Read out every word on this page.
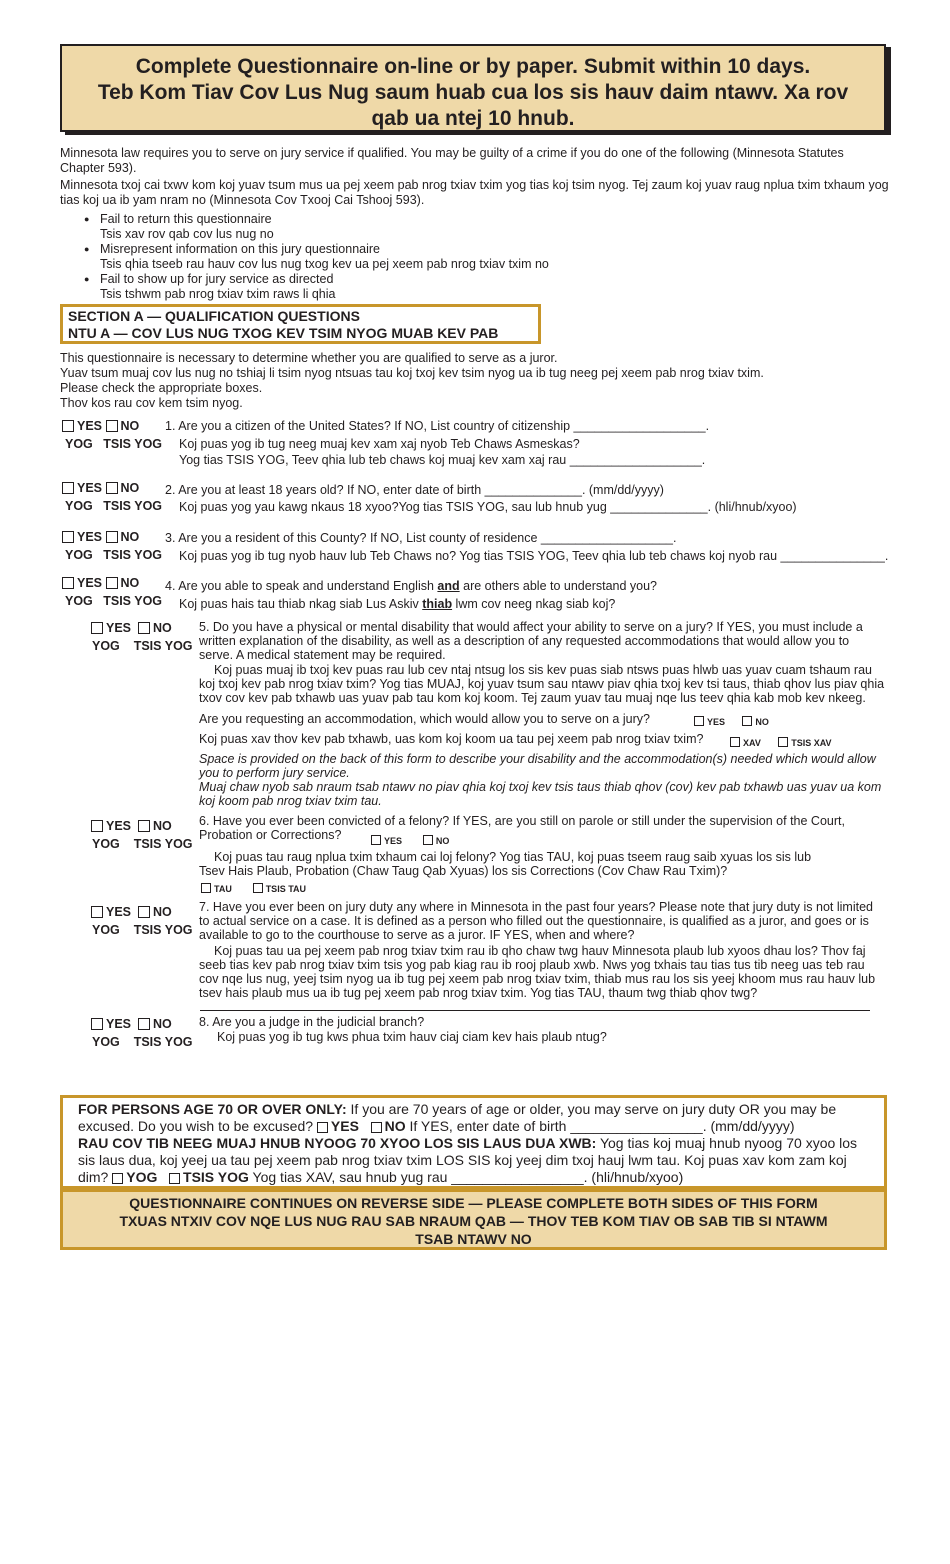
Complete Questionnaire on-line or by paper. Submit within 10 days.
Teb Kom Tiav Cov Lus Nug saum huab cua los sis hauv daim ntawv. Xa rov
qab ua ntej 10 hnub.

Minnesota law requires you to serve on jury service if qualified. You may be guilty of a crime if you do one of the following (Minnesota Statutes Chapter 593).

Minnesota txoj cai txwv kom koj yuav tsum mus ua pej xeem pab nrog txiav txim yog tias koj tsim nyog. Tej zaum koj yuav raug nplua txim txhaum yog tias koj ua ib yam nram no (Minnesota Cov Txooj Cai Tshooj 593).

● Fail to return this questionnaire
Tsis xav rov qab cov lus nug no
● Misrepresent information on this jury questionnaire
Tsis qhia tseeb rau hauv cov lus nug txog kev ua pej xeem pab nrog txiav txim no
● Fail to show up for jury service as directed
Tsis tshwm pab nrog txiav txim raws li qhia
SECTION A — QUALIFICATION QUESTIONS
NTU A — COV LUS NUG TXOG KEV TSIM NYOG MUAB KEV PAB
This questionnaire is necessary to determine whether you are qualified to serve as a juror.
Yuav tsum muaj cov lus nug no tshiaj li tsim nyog ntsuas tau koj txoj kev tsim nyog ua ib tug neeg pej xeem pab nrog txiav txim.
Please check the appropriate boxes.
Thov kos rau cov kem tsim nyog.
YES NO
YOG TSIS YOG
1. Are you a citizen of the United States? If NO, List country of citizenship ___________________.
Koj puas yog ib tug neeg muaj kev xam xaj nyob Teb Chaws Asmeskas?
Yog tias TSIS YOG, Teev qhia lub teb chaws koj muaj kev xam xaj rau ___________________.
YES NO
YOG TSIS YOG
2. Are you at least 18 years old? If NO, enter date of birth ______________. (mm/dd/yyyy)
Koj puas yog yau kawg nkaus 18 xyoo?Yog tias TSIS YOG, sau lub hnub yug ______________. (hli/hnub/xyoo)
YES NO
YOG TSIS YOG
3. Are you a resident of this County? If NO, List county of residence ___________________.
Koj puas yog ib tug nyob hauv lub Teb Chaws no? Yog tias TSIS YOG, Teev qhia lub teb chaws koj nyob rau _______________.
YES NO
YOG TSIS YOG
4. Are you able to speak and understand English and are others able to understand you?
Koj puas hais tau thiab nkag siab Lus Askiv thiab lwm cov neeg nkag siab koj?
YES NO
YOG TSIS YOG
5. Do you have a physical or mental disability that would affect your ability to serve on a jury? If YES, you must include a written explanation of the disability, as well as a description of any requested accommodations that would allow you to serve. A medical statement may be required.
Koj puas muaj ib txoj kev puas rau lub cev ntaj ntsug los sis kev puas siab ntsws puas hlwb uas yuav cuam tshaum rau koj txoj kev pab nrog txiav txim? Yog tias MUAJ, koj yuav tsum sau ntawv piav qhia txoj kev tsi taus, thiab qhov lus piav qhia txov cov kev pab txhawb uas yuav pab tau kom koj koom. Tej zaum yuav tau muaj nqe lus teev qhia kab mob kev nkeeg.
Are you requesting an accommodation, which would allow you to serve on a jury?	YES	NO
Koj puas xav thov kev pab txhawb, uas kom koj koom ua tau pej xeem pab nrog txiav txim?	XAV	TSIS XAV
Space is provided on the back of this form to describe your disability and the accommodation(s) needed which would allow you to perform jury service.
Muaj chaw nyob sab nraum tsab ntawv no piav qhia koj txoj kev tsis taus thiab qhov (cov) kev pab txhawb uas yuav ua kom koj koom pab nrog txiav txim tau.
YES NO
YOG TSIS YOG
6. Have you ever been convicted of a felony? If YES, are you still on parole or still under the supervision of the Court, Probation or Corrections?	YES	NO
Koj puas tau raug nplua txim txhaum cai loj felony? Yog tias TAU, koj puas tseem raug saib xyuas los sis lub Tsev Hais Plaub, Probation (Chaw Taug Qab Xyuas) los sis Corrections (Cov Chaw Rau Txim)?
TAU	TSIS TAU
YES NO
YOG TSIS YOG
7. Have you ever been on jury duty any where in Minnesota in the past four years? Please note that jury duty is not limited to actual service on a case. It is defined as a person who filled out the questionnaire, is qualified as a juror, and goes or is available to go to the courthouse to serve as a juror. IF YES, when and where?
Koj puas tau ua pej xeem pab nrog txiav txim rau ib qho chaw twg hauv Minnesota plaub lub xyoos dhau los? Thov faj seeb tias kev pab nrog txiav txim tsis yog pab kiag rau ib rooj plaub xwb. Nws yog txhais tau tias tus tib neeg uas teb rau cov nqe lus nug, yeej tsim nyog ua ib tug pej xeem pab nrog txiav txim, thiab mus rau los sis yeej khoom mus rau hauv lub tsev hais plaub mus ua ib tug pej xeem pab nrog txiav txim. Yog tias TAU, thaum twg thiab qhov twg?
YES NO
YOG TSIS YOG
8. Are you a judge in the judicial branch?
Koj puas yog ib tug kws phua txim hauv ciaj ciam kev hais plaub ntug?
FOR PERSONS AGE 70 OR OVER ONLY: If you are 70 years of age or older, you may serve on jury duty OR you may be excused. Do you wish to be excused? YES NO If YES, enter date of birth _________________. (mm/dd/yyyy)
RAU COV TIB NEEG MUAJ HNUB NYOOG 70 XYOO LOS SIS LAUS DUA XWB: Yog tias koj muaj hnub nyoog 70 xyoo los sis laus dua, koj yeej ua tau pej xeem pab nrog txiav txim LOS SIS koj yeej dim txoj hauj lwm tau. Koj puas xav kom zam koj dim? YOG TSIS YOG Yog tias XAV, sau hnub yug rau _________________. (hli/hnub/xyoo)
QUESTIONNAIRE CONTINUES ON REVERSE SIDE — PLEASE COMPLETE BOTH SIDES OF THIS FORM
TXUAS NTXIV COV NQE LUS NUG RAU SAB NRAUM QAB — THOV TEB KOM TIAV OB SAB TIB SI NTAWM
TSAB NTAWV NO
